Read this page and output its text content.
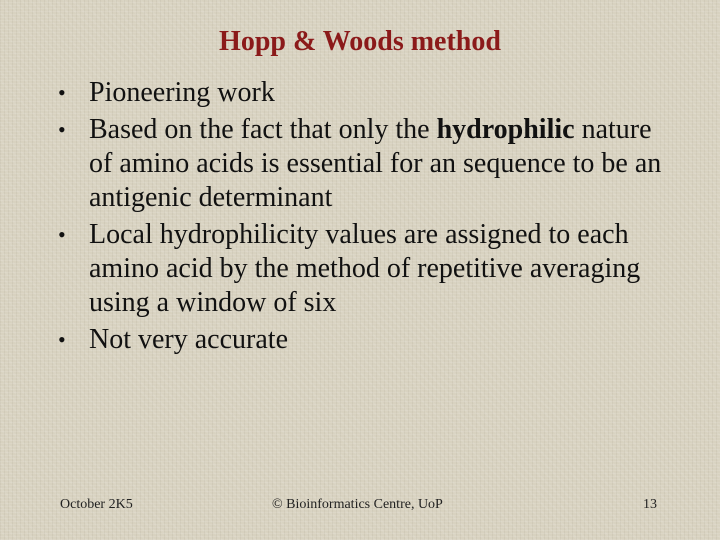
Hopp & Woods method
• Pioneering work
• Based on the fact that only the hydrophilic nature of amino acids is essential for an sequence to be an antigenic determinant
• Local hydrophilicity values are assigned to each amino acid by the method of repetitive averaging using a window of six
• Not very accurate
October 2K5	© Bioinformatics Centre, UoP	13
